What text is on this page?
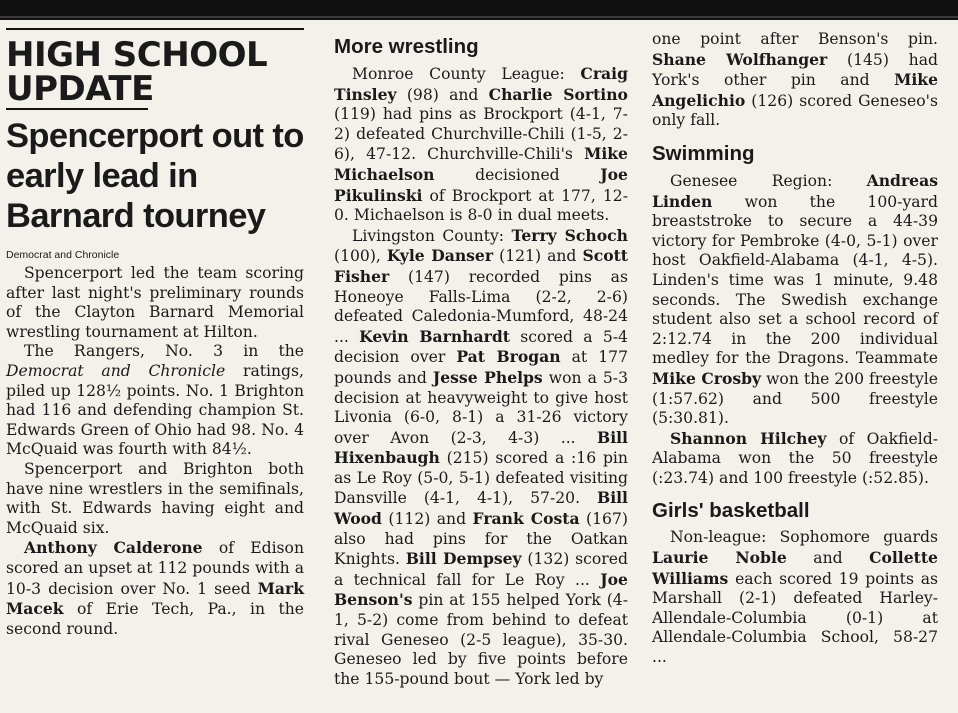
HIGH SCHOOL

UPDATE
Spencerport out to early lead in Barnard tourney
Democrat and Chronicle

Spencerport led the team scoring after last night's preliminary rounds of the Clayton Barnard Memorial wrestling tournament at Hilton.

The Rangers, No. 3 in the Democrat and Chronicle ratings, piled up 128½ points. No. 1 Brighton had 116 and defending champion St. Edwards Green of Ohio had 98. No. 4 McQuaid was fourth with 84½.

Spencerport and Brighton both have nine wrestlers in the semifinals, with St. Edwards having eight and McQuaid six.

Anthony Calderone of Edison scored an upset at 112 pounds with a 10-3 decision over No. 1 seed Mark Macek of Erie Tech, Pa., in the second round.

More wrestling

Monroe County League: Craig Tinsley (98) and Charlie Sortino (119) had pins as Brockport (4-1, 7-2) defeated Churchville-Chili (1-5, 2-6), 47-12. Churchville-Chili's Mike Michaelson	decisioned	Joe Pikulinski of Brockport at 177, 12-0. Michaelson is 8-0 in dual meets.

Livingston County: Terry Schoch (100), Kyle Danser (121) and Scott Fisher (147) recorded pins as Honeoye Falls-Lima (2-2, 2-6) defeated Caledonia-Mumford, 48-24 ... Kevin Barnhardt scored a 5-4 decision over Pat Brogan at 177 pounds and Jesse Phelps won a 5-3 decision at heavyweight to give host Livonia (6-0, 8-1) a 31-26 victory over Avon (2-3, 4-3) ... Bill Hixenbaugh (215) scored a :16 pin as Le Roy (5-0, 5-1) defeated visiting Dansville (4-1, 4-1), 57-20. Bill Wood (112) and Frank Costa (167) also had pins for the Oatkan Knights. Bill Dempsey (132) scored a technical fall for Le Roy ... Joe Benson's pin at 155 helped York (4-1, 5-2) come from behind to defeat rival Geneseo (2-5 league), 35-30. Geneseo led by five points before the 155-pound bout — York led by

one point after Benson's pin. Shane Wolfhanger (145) had York's other pin and Mike Angelichio (126) scored Geneseo's only fall.

Swimming

Genesee Region: Andreas Linden won the 100-yard breaststroke to secure a 44-39 victory for Pembroke (4-0, 5-1) over host Oakfield-Alabama (4-1, 4-5). Linden's time was 1 minute, 9.48 seconds. The Swedish exchange student also set a school record of 2:12.74 in the 200 individual medley for the Dragons. Teammate Mike Crosby won the 200 freestyle (1:57.62) and 500 freestyle (5:30.81).

Shannon Hilchey of Oakfield-Alabama won the 50 freestyle (:23.74) and 100 freestyle (:52.85).

Girls' basketball

Non-league: Sophomore guards Laurie Noble and Collette Williams each scored 19 points as Marshall (2-1) defeated Harley-Allendale-Columbia (0-1) at Allendale-Columbia School, 58-27 ...
